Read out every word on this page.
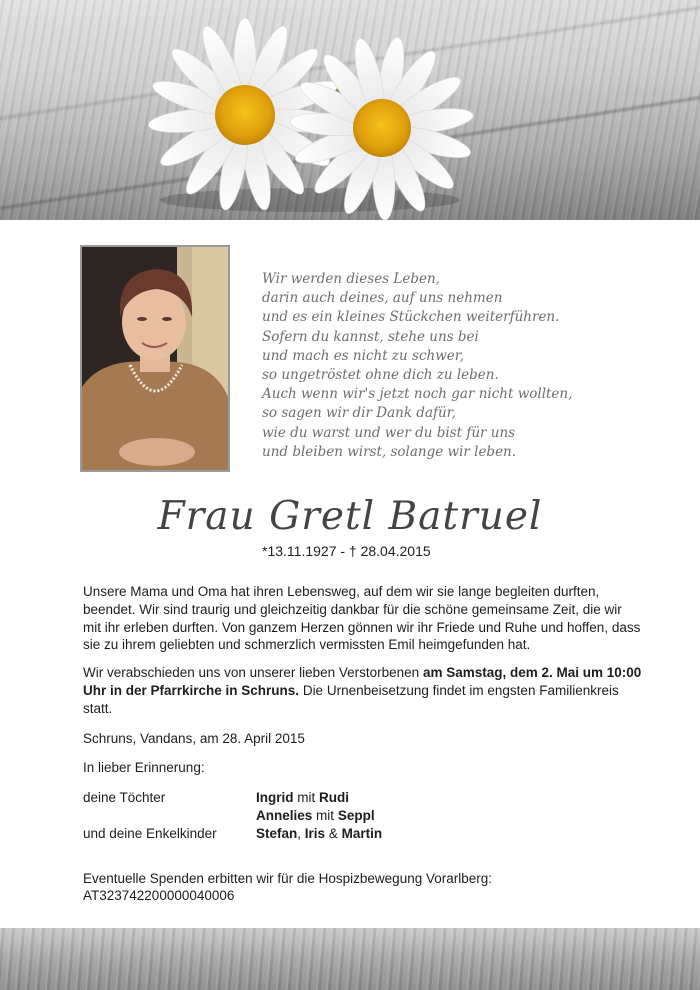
Wir werden dieses Leben,
darin auch deines, auf uns nehmen
und es ein kleines Stückchen weiterführen.
Sofern du kannst, stehe uns bei
und mach es nicht zu schwer,
so ungetröstet ohne dich zu leben.
Auch wenn wir's jetzt noch gar nicht wollten,
so sagen wir dir Dank dafür,
wie du warst und wer du bist für uns
und bleiben wirst, solange wir leben.
Frau Gretl Batruel
*13.11.1927 - † 28.04.2015

Unsere Mama und Oma hat ihren Lebensweg, auf dem wir sie lange begleiten durften, beendet. Wir sind traurig und gleichzeitig dankbar für die schöne gemeinsame Zeit, die wir mit ihr erleben durften. Von ganzem Herzen gönnen wir ihr Friede und Ruhe und hoffen, dass sie zu ihrem geliebten und schmerzlich vermissten Emil heimgefunden hat.

Wir verabschieden uns von unserer lieben Verstorbenen am Samstag, dem 2. Mai um 10:00 Uhr in der Pfarrkirche in Schruns. Die Urnenbeisetzung findet im engsten Familienkreis statt.

Schruns, Vandans, am 28. April 2015

In lieber Erinnerung:

deine Töchter	Ingrid mit Rudi
Annelies mit Seppl
und deine Enkelkinder	Stefan, Iris & Martin

Eventuelle Spenden erbitten wir für die Hospizbewegung Vorarlberg:

AT323742200000040006
